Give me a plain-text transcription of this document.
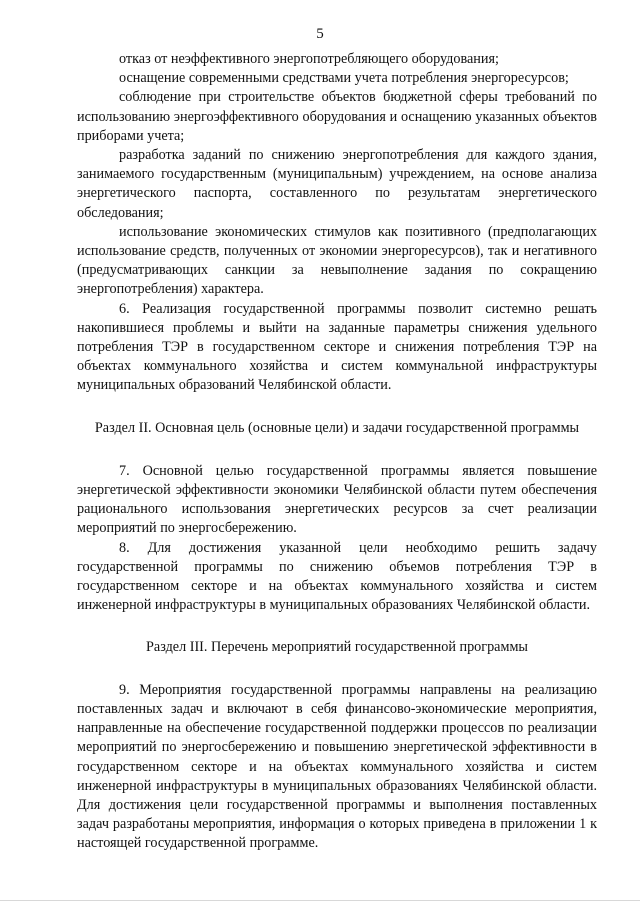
5

отказ от неэффективного энергопотребляющего оборудования;

оснащение современными средствами учета потребления энергоресурсов;

соблюдение при строительстве объектов бюджетной сферы требований по использованию энергоэффективного оборудования и оснащению указанных объектов приборами учета;

разработка заданий по снижению энергопотребления для каждого здания, занимаемого государственным (муниципальным) учреждением, на основе анализа энергетического паспорта, составленного по результатам энергетического обследования;

использование экономических стимулов как позитивного (предполагающих использование средств, полученных от экономии энергоресурсов), так и негативного (предусматривающих санкции за невыполнение задания по сокращению энергопотребления) характера.

6. Реализация государственной программы позволит системно решать накопившиеся проблемы и выйти на заданные параметры снижения удельного потребления ТЭР в государственном секторе и снижения потребления ТЭР на объектах коммунального хозяйства и систем коммунальной инфраструктуры муниципальных образований Челябинской области.

Раздел II. Основная цель (основные цели) и задачи государственной программы

7. Основной целью государственной программы является повышение энергетической эффективности экономики Челябинской области путем обеспечения рационального использования энергетических ресурсов за счет реализации мероприятий по энергосбережению.

8. Для достижения указанной цели необходимо решить задачу государственной программы по снижению объемов потребления ТЭР в государственном секторе и на объектах коммунального хозяйства и систем инженерной инфраструктуры в муниципальных образованиях Челябинской области.

Раздел III. Перечень мероприятий государственной программы

9. Мероприятия государственной программы направлены на реализацию поставленных задач и включают в себя финансово-экономические мероприятия, направленные на обеспечение государственной поддержки процессов по реализации мероприятий по энергосбережению и повышению энергетической эффективности в государственном секторе и на объектах коммунального хозяйства и систем инженерной инфраструктуры в муниципальных образованиях Челябинской области. Для достижения цели государственной программы и выполнения поставленных задач разработаны мероприятия, информация о которых приведена в приложении 1 к настоящей государственной программе.
